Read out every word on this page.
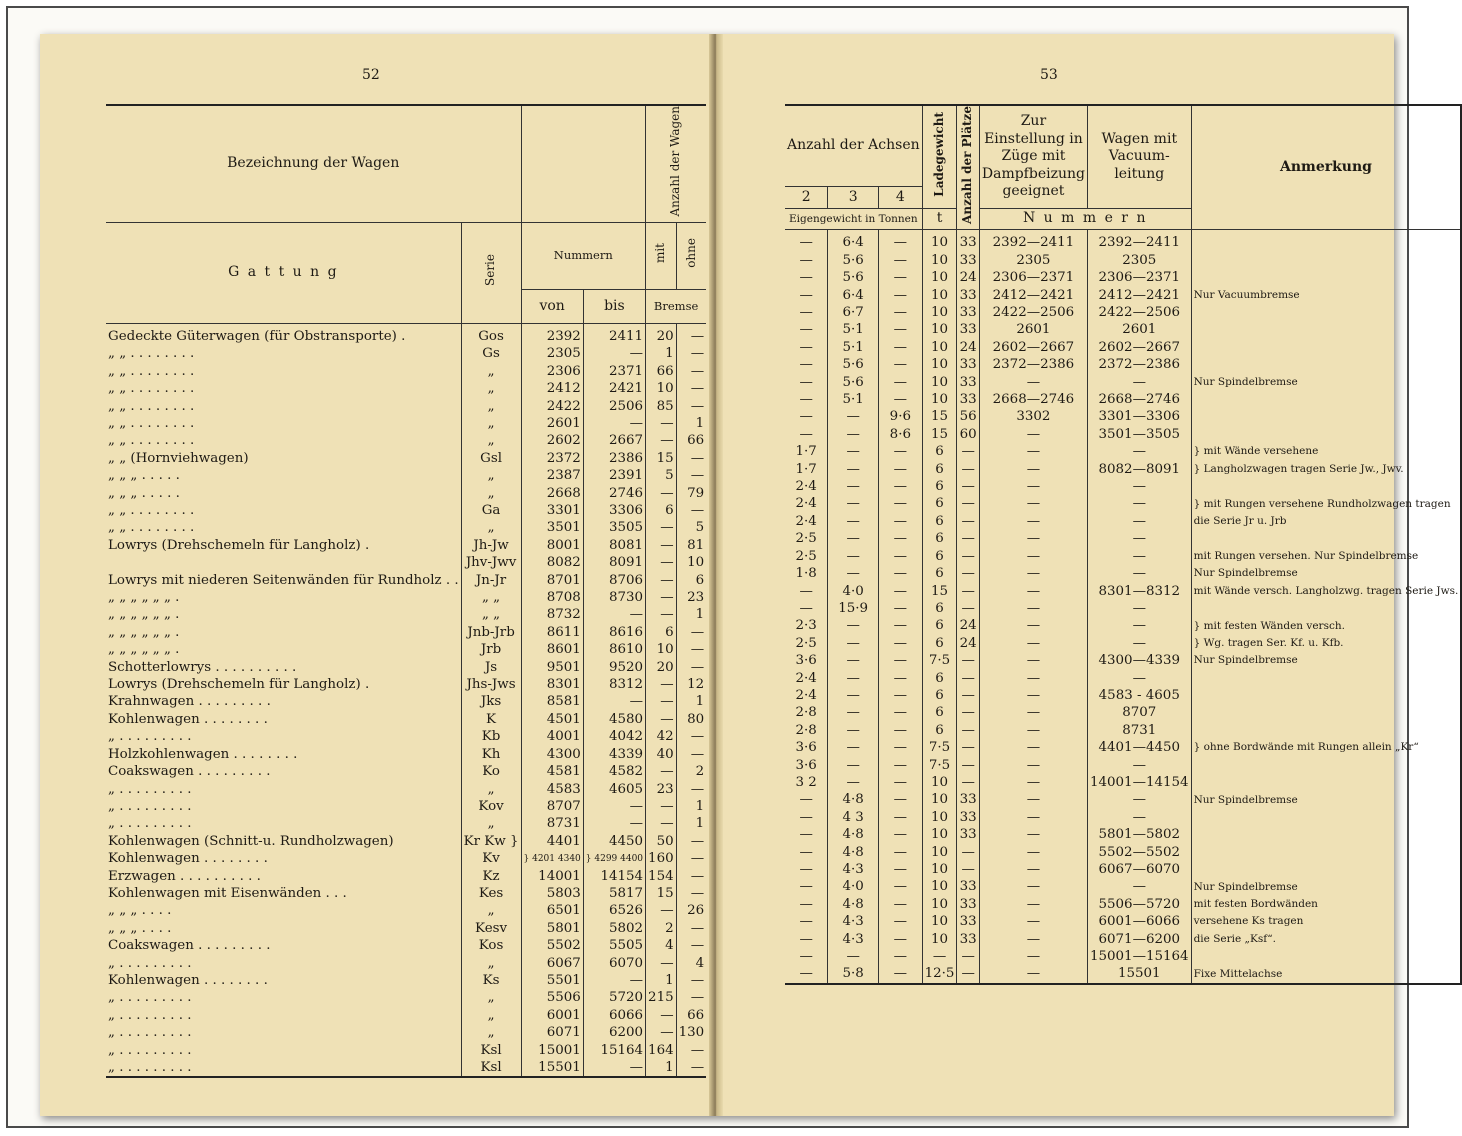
52	53
Bezeichnung der Wagen				Anzahl der Wagen	
G a t t u n g	Serie	Nummern		mit	ohne
		von	bis	Bremse	
Gedeckte Güterwagen (für Obstransporte) .	Gos	2392	2411	20	—
„ „ . . . . . . . .	Gs	2305	—	1	—
„ „ . . . . . . . .	„	2306	2371	66	—
„ „ . . . . . . . .	„	2412	2421	10	—
„ „ . . . . . . . .	„	2422	2506	85	—
„ „ . . . . . . . .	„	2601	—	—	1
„ „ . . . . . . . .	„	2602	2667	—	66
„ „ (Hornviehwagen)	Gsl	2372	2386	15	—
„ „ „ . . . . .	„	2387	2391	5	—
„ „ „ . . . . .	„	2668	2746	—	79
„ „ . . . . . . . .	Ga	3301	3306	6	—
„ „ . . . . . . . .	„	3501	3505	—	5
Lowrys (Drehschemeln für Langholz) .	Jh-Jw	8001	8081	—	81
	Jhv-Jwv	8082	8091	—	10
Lowrys mit niederen Seitenwänden für Rundholz . .	Jn-Jr	8701	8706	—	6
„ „ „ „ „ „ .	„ „	8708	8730	—	23
„ „ „ „ „ „ .	„ „	8732	—	—	1
„ „ „ „ „ „ .	Jnb-Jrb	8611	8616	6	—
„ „ „ „ „ „ .	Jrb	8601	8610	10	—
Schotterlowrys . . . . . . . . . .	Js	9501	9520	20	—
Lowrys (Drehschemeln für Langholz) .	Jhs-Jws	8301	8312	—	12
Krahnwagen . . . . . . . . .	Jks	8581	—	—	1
Kohlenwagen . . . . . . . .	K	4501	4580	—	80
„ . . . . . . . . .	Kb	4001	4042	42	—
Holzkohlenwagen . . . . . . . .	Kh	4300	4339	40	—
Coakswagen . . . . . . . . .	Ko	4581	4582	—	2
„ . . . . . . . . .	„	4583	4605	23	—
„ . . . . . . . . .	Kov	8707	—	—	1
„ . . . . . . . . .	„	8731	—	—	1
Kohlenwagen (Schnitt-u. Rundholzwagen)	Kr Kw }	4401	4450	50	—
Kohlenwagen . . . . . . . .	Kv	} 4201 4340	} 4299 4400	160	—
Erzwagen . . . . . . . . . .	Kz	14001	14154	154	—
Kohlenwagen mit Eisenwänden . . .	Kes	5803	5817	15	—
„ „ „ . . . .	„	6501	6526	—	26
„ „ „ . . . .	Kesv	5801	5802	2	—
Coakswagen . . . . . . . . .	Kos	5502	5505	4	—
„ . . . . . . . . .	„	6067	6070	—	4
Kohlenwagen . . . . . . . .	Ks	5501	—	1	—
„ . . . . . . . . .	„	5506	5720	215	—
„ . . . . . . . . .	„	6001	6066	—	66
„ . . . . . . . . .	„	6071	6200	—	130
„ . . . . . . . . .	Ksl	15001	15164	164	—
„ . . . . . . . . .	Ksl	15501	—	1	—
Anzahl der Achsen			Ladegewicht	Anzahl der Plätze	Zur Einstellung in Züge mit Dampfbeizung geeignet	Wagen mit Vacuum-leitung	Anmerkung
2	3	4					
Eigengewicht in Tonnen			t		N u m m e r n		
—	6·4	—	10	33	2392—2411	2392—2411	
—	5·6	—	10	33	2305	2305	
—	5·6	—	10	24	2306—2371	2306—2371	
—	6·4	—	10	33	2412—2421	2412—2421	Nur Vacuumbremse
—	6·7	—	10	33	2422—2506	2422—2506	
—	5·1	—	10	33	2601	2601	
—	5·1	—	10	24	2602—2667	2602—2667	
—	5·6	—	10	33	2372—2386	2372—2386	
—	5·6	—	10	33	—	—	Nur Spindelbremse
—	5·1	—	10	33	2668—2746	2668—2746	
—	—	9·6	15	56	3302	3301—3306	
—	—	8·6	15	60	—	3501—3505	
1·7	—	—	6	—	—	—	} mit Wände versehene
1·7	—	—	6	—	—	8082—8091	} Langholzwagen tragen Serie Jw., Jwv.
2·4	—	—	6	—	—	—	
2·4	—	—	6	—	—	—	} mit Rungen versehene Rundholzwagen tragen
2·4	—	—	6	—	—	—	die Serie Jr u. Jrb
2·5	—	—	6	—	—	—	
2·5	—	—	6	—	—	—	mit Rungen versehen. Nur Spindelbremse
1·8	—	—	6	—	—	—	Nur Spindelbremse
—	4·0	—	15	—	—	8301—8312	mit Wände versch. Langholzwg. tragen Serie Jws.
—	15·9	—	6	—	—	—	
2·3	—	—	6	24	—	—	} mit festen Wänden versch.
2·5	—	—	6	24	—	—	} Wg. tragen Ser. Kf. u. Kfb.
3·6	—	—	7·5	—	—	4300—4339	Nur Spindelbremse
2·4	—	—	6	—	—	—	
2·4	—	—	6	—	—	4583 - 4605	
2·8	—	—	6	—	—	8707	
2·8	—	—	6	—	—	8731	
3·6	—	—	7·5	—	—	4401—4450	} ohne Bordwände mit Rungen allein „Kr“
3·6	—	—	7·5	—	—	—	
3 2	—	—	10	—	—	14001—14154	
—	4·8	—	10	33	—	—	Nur Spindelbremse
—	4 3	—	10	33	—	—	
—	4·8	—	10	33	—	5801—5802	
—	4·8	—	10	—	—	5502—5502	
—	4·3	—	10	—	—	6067—6070	
—	4·0	—	10	33	—	—	Nur Spindelbremse
—	4·8	—	10	33	—	5506—5720	mit festen Bordwänden
—	4·3	—	10	33	—	6001—6066	versehene Ks tragen
—	4·3	—	10	33	—	6071—6200	die Serie „Ksf“.
—	—	—	—	—	—	15001—15164	
—	5·8	—	12·5	—	—	15501	Fixe Mittelachse
